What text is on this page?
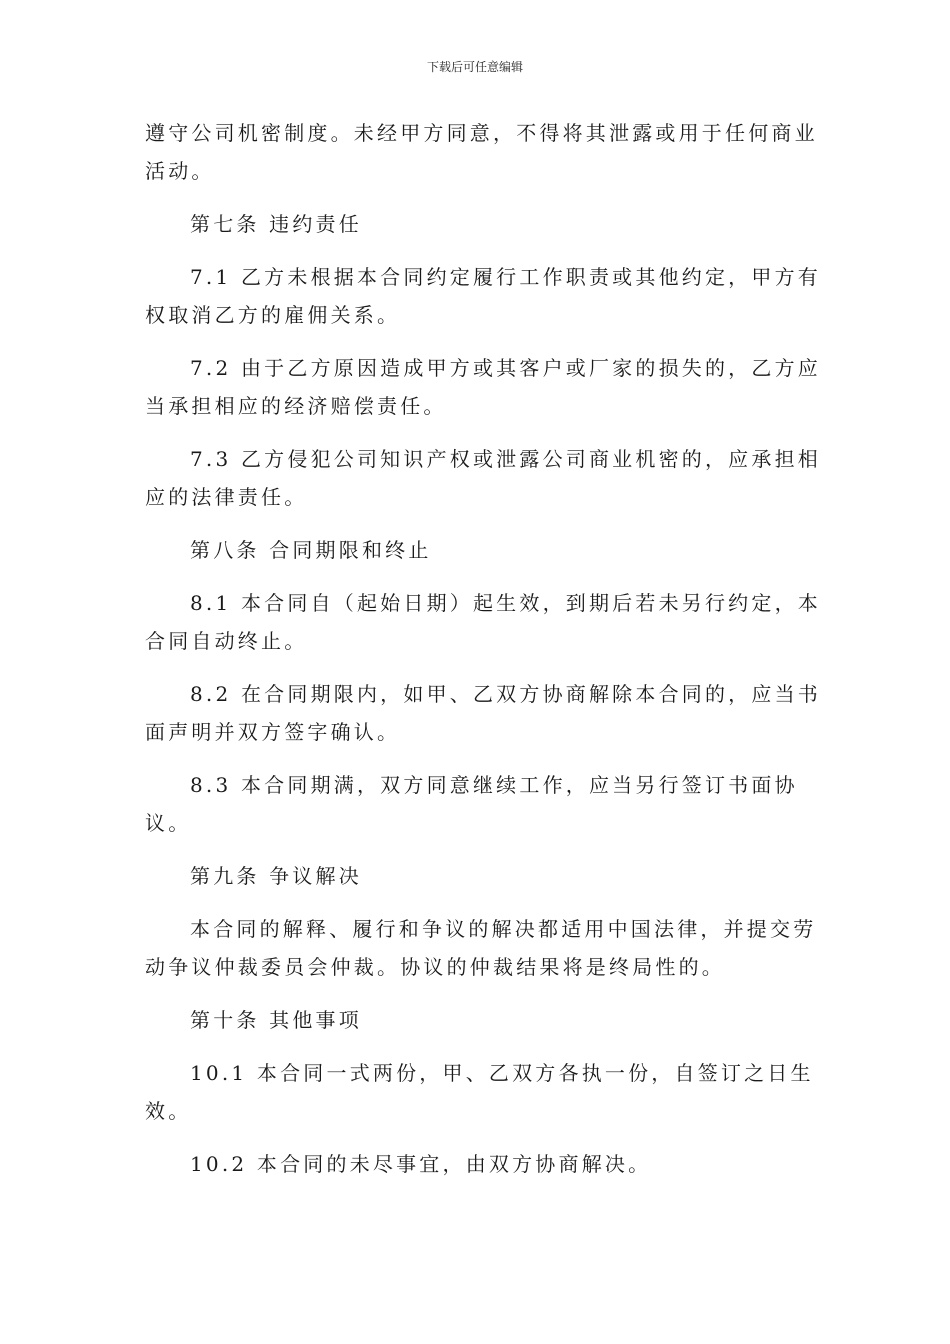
下载后可任意编辑

遵守公司机密制度。未经甲方同意，不得将其泄露或用于任何商业活动。

第七条 违约责任

7.1 乙方未根据本合同约定履行工作职责或其他约定，甲方有权取消乙方的雇佣关系。

7.2 由于乙方原因造成甲方或其客户或厂家的损失的，乙方应当承担相应的经济赔偿责任。

7.3 乙方侵犯公司知识产权或泄露公司商业机密的，应承担相应的法律责任。

第八条 合同期限和终止

8.1 本合同自（起始日期）起生效，到期后若未另行约定，本合同自动终止。

8.2 在合同期限内，如甲、乙双方协商解除本合同的，应当书面声明并双方签字确认。

8.3 本合同期满，双方同意继续工作，应当另行签订书面协议。

第九条 争议解决

本合同的解释、履行和争议的解决都适用中国法律，并提交劳动争议仲裁委员会仲裁。协议的仲裁结果将是终局性的。

第十条 其他事项

10.1 本合同一式两份，甲、乙双方各执一份，自签订之日生效。

10.2 本合同的未尽事宜，由双方协商解决。
